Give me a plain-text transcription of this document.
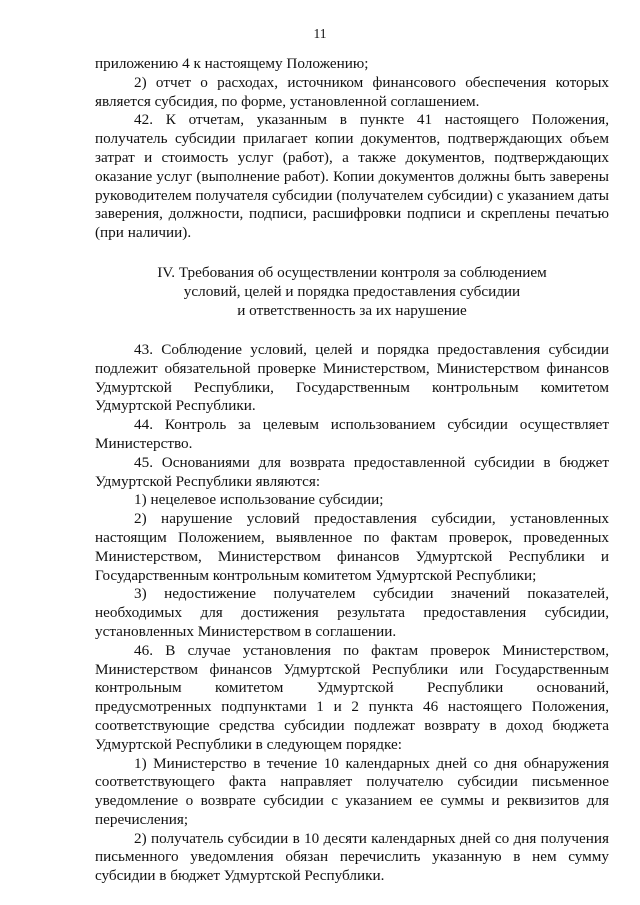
11

приложению 4 к настоящему Положению;

2) отчет о расходах, источником финансового обеспечения которых является субсидия, по форме, установленной соглашением.

42. К отчетам, указанным в пункте 41 настоящего Положения, получатель субсидии прилагает копии документов, подтверждающих объем затрат и стоимость услуг (работ), а также документов, подтверждающих оказание услуг (выполнение работ). Копии документов должны быть заверены руководителем получателя субсидии (получателем субсидии) с указанием даты заверения, должности, подписи, расшифровки подписи и скреплены печатью (при наличии).

IV. Требования об осуществлении контроля за соблюдением
условий, целей и порядка предоставления субсидии
и ответственность за их нарушение

43. Соблюдение условий, целей и порядка предоставления субсидии подлежит обязательной проверке Министерством, Министерством финансов Удмуртской Республики, Государственным контрольным комитетом Удмуртской Республики.

44. Контроль за целевым использованием субсидии осуществляет Министерство.

45. Основаниями для возврата предоставленной субсидии в бюджет Удмуртской Республики являются:

1) нецелевое использование субсидии;

2) нарушение условий предоставления субсидии, установленных настоящим Положением, выявленное по фактам проверок, проведенных Министерством, Министерством финансов Удмуртской Республики и Государственным контрольным комитетом Удмуртской Республики;

3) недостижение получателем субсидии значений показателей, необходимых для достижения результата предоставления субсидии, установленных Министерством в соглашении.

46. В случае установления по фактам проверок Министерством, Министерством финансов Удмуртской Республики или Государственным контрольным комитетом Удмуртской Республики оснований, предусмотренных подпунктами 1 и 2 пункта 46 настоящего Положения, соответствующие средства субсидии подлежат возврату в доход бюджета Удмуртской Республики в следующем порядке:

1) Министерство в течение 10 календарных дней со дня обнаружения соответствующего факта направляет получателю субсидии письменное уведомление о возврате субсидии с указанием ее суммы и реквизитов для перечисления;

2) получатель субсидии в 10 десяти календарных дней со дня получения письменного уведомления обязан перечислить указанную в нем сумму субсидии в бюджет Удмуртской Республики.
